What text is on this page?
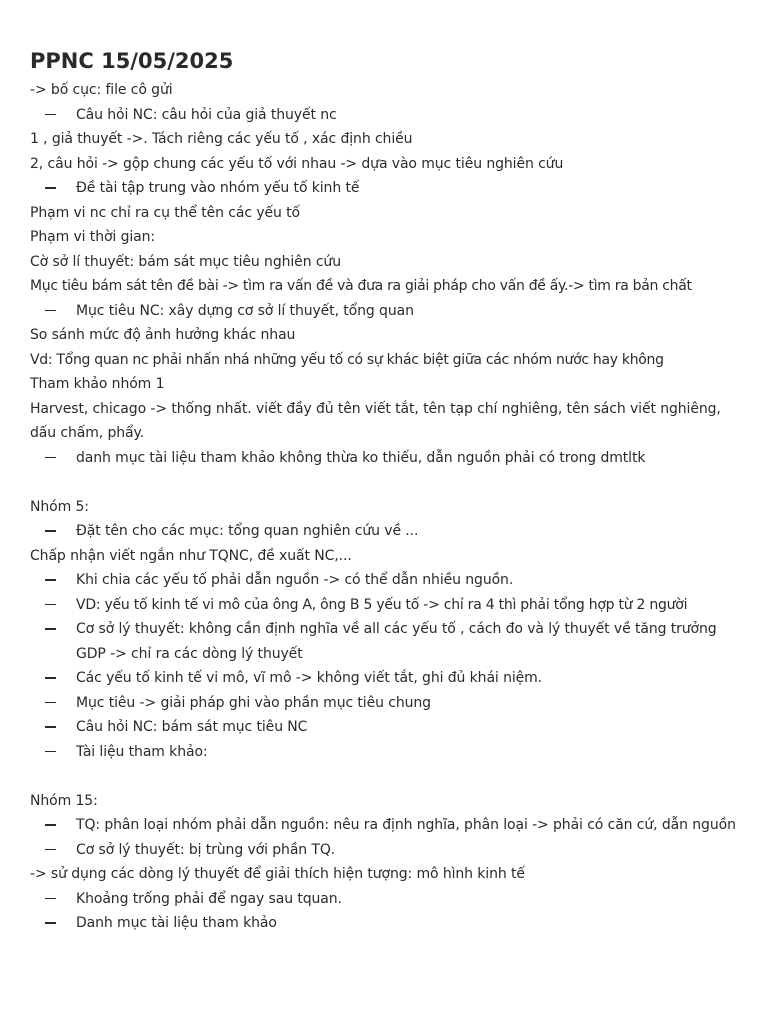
PPNC 15/05/2025
-> bố cục: file cô gửi
Câu hỏi NC: câu hỏi của giả thuyết nc
1 , giả thuyết ->. Tách riêng các yếu tố , xác định chiều
2, câu hỏi -> gộp chung các yếu tố với nhau -> dựa vào mục tiêu nghiên cứu
Đề tài tập trung vào nhóm yếu tố kinh tế
Phạm vi nc chỉ ra cụ thể tên các yếu tố
Phạm vi thời gian:
Cờ sở lí thuyết: bám sát mục tiêu nghiên cứu
Mục tiêu bám sát tên đề bài -> tìm ra vấn đề và đưa ra giải pháp cho vấn đề ấy.-> tìm ra bản chất
Mục tiêu NC: xây dựng cơ sở lí thuyết, tổng quan
So sánh mức độ ảnh hưởng khác nhau
Vd: Tổng quan nc phải nhấn nhá những yếu tố có sự khác biệt giữa các nhóm nước hay không
Tham khảo nhóm 1
Harvest, chicago -> thống nhất. viết đầy đủ tên viết tắt, tên tạp chí nghiêng, tên sách viết nghiêng, dấu chấm, phẩy.
danh mục tài liệu tham khảo không thừa ko thiếu, dẫn nguồn phải có trong dmtltk
Nhóm 5:
Đặt tên cho các mục: tổng quan nghiên cứu về ...
Chấp nhận viết ngắn như TQNC, đề xuất NC,...
Khi chia các yếu tố phải dẫn nguồn -> có thể dẫn nhiều nguồn.
VD: yếu tố kinh tế vi mô của ông A, ông B 5 yếu tố -> chỉ ra 4 thì phải tổng hợp từ 2 người
Cơ sở lý thuyết: không cần định nghĩa về all các yếu tố , cách đo và lý thuyết về tăng trưởng GDP -> chỉ ra các dòng lý thuyết
Các yếu tố kinh tế vi mô, vĩ mô -> không viết tắt, ghi đủ khái niệm.
Mục tiêu -> giải pháp ghi vào phần mục tiêu chung
Câu hỏi NC: bám sát mục tiêu NC
Tài liệu tham khảo:
Nhóm 15:
TQ: phân loại nhóm phải dẫn nguồn: nêu ra định nghĩa, phân loại -> phải có căn cứ, dẫn nguồn
Cơ sở lý thuyết: bị trùng với phần TQ.
-> sử dụng các dòng lý thuyết để giải thích hiện tượng: mô hình kinh tế
Khoảng trống phải để ngay sau tquan.
Danh mục tài liệu tham khảo
